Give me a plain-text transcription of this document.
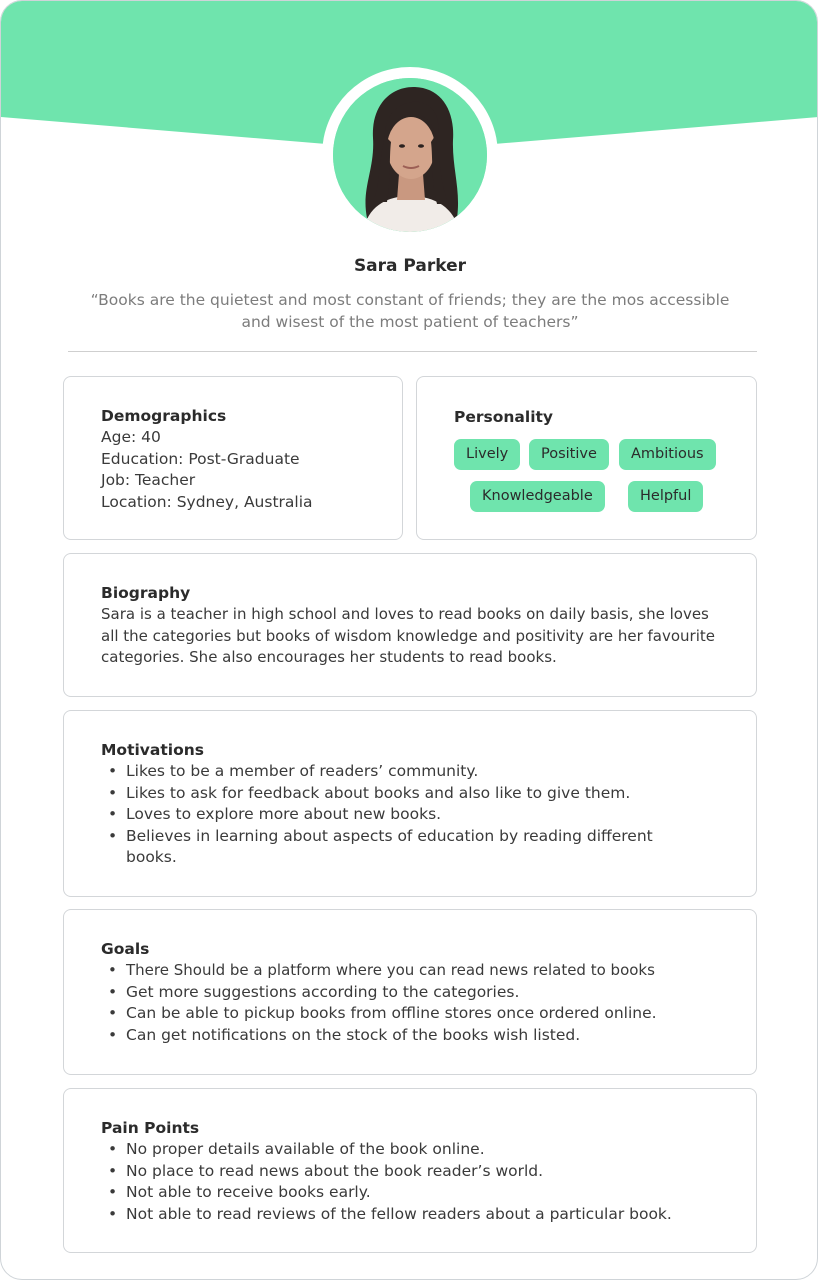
Sara Parker
“Books are the quietest and most constant of friends; they are the mos accessible and wisest of the most patient of teachers”
Demographics
Age: 40
Education: Post-Graduate
Job: Teacher
Location: Sydney, Australia
Personality
Lively	Positive	Ambitious
Knowledgeable	Helpful
Biography
Sara is a teacher in high school and loves to read books on daily basis, she loves all the categories but books of wisdom knowledge and positivity are her favourite categories. She also encourages her students to read books.
Motivations
• Likes to be a member of readers’ community.
• Likes to ask for feedback about books and also like to give them.
• Loves to explore more about new books.
• Believes in learning about aspects of education by reading different books.
Goals
• There Should be a platform where you can read news related to books
• Get more suggestions according to the categories.
• Can be able to pickup books from offline stores once ordered online.
• Can get notifications on the stock of the books wish listed.
Pain Points
• No proper details available of the book online.
• No place to read news about the book reader’s world.
• Not able to receive books early.
• Not able to read reviews of the fellow readers about a particular book.
